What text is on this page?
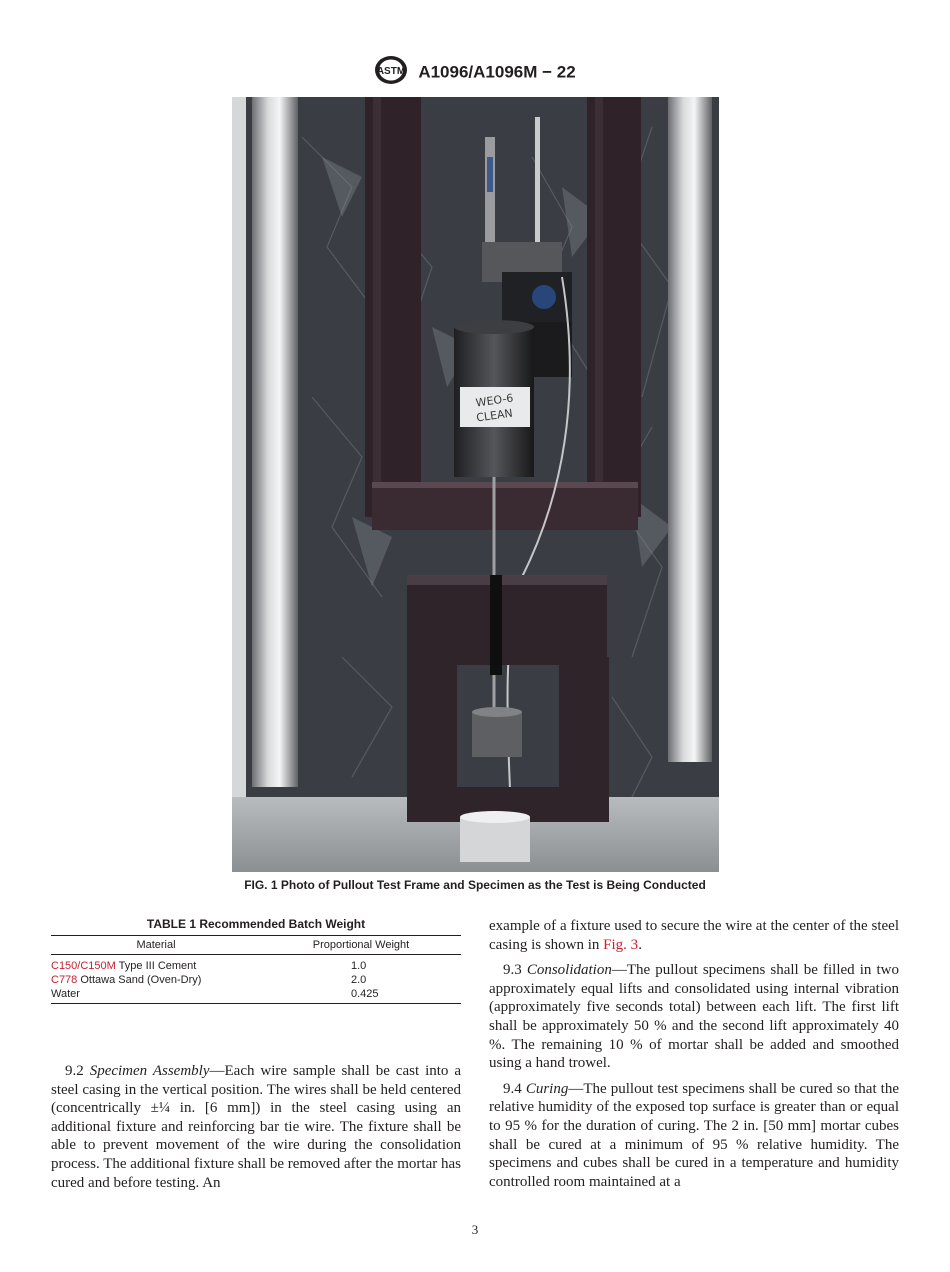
ASTM A1096/A1096M − 22
WEO-6
CLEAN
FIG. 1 Photo of Pullout Test Frame and Specimen as the Test is Being Conducted
TABLE 1 Recommended Batch Weight
Material	Proportional Weight
C150/C150M Type III Cement	1.0
C778 Ottawa Sand (Oven-Dry)	2.0
Water	0.425

9.2 Specimen Assembly—Each wire sample shall be cast into a steel casing in the vertical position. The wires shall be held centered (concentrically ±¼ in. [6 mm]) in the steel casing using an additional fixture and reinforcing bar tie wire. The fixture shall be able to prevent movement of the wire during the consolidation process. The additional fixture shall be removed after the mortar has cured and before testing. An

example of a fixture used to secure the wire at the center of the steel casing is shown in Fig. 3.

9.3 Consolidation—The pullout specimens shall be filled in two approximately equal lifts and consolidated using internal vibration (approximately five seconds total) between each lift. The first lift shall be approximately 50 % and the second lift approximately 40 %. The remaining 10 % of mortar shall be added and smoothed using a hand trowel.

9.4 Curing—The pullout test specimens shall be cured so that the relative humidity of the exposed top surface is greater than or equal to 95 % for the duration of curing. The 2 in. [50 mm] mortar cubes shall be cured at a minimum of 95 % relative humidity. The specimens and cubes shall be cured in a temperature and humidity controlled room maintained at a

3
